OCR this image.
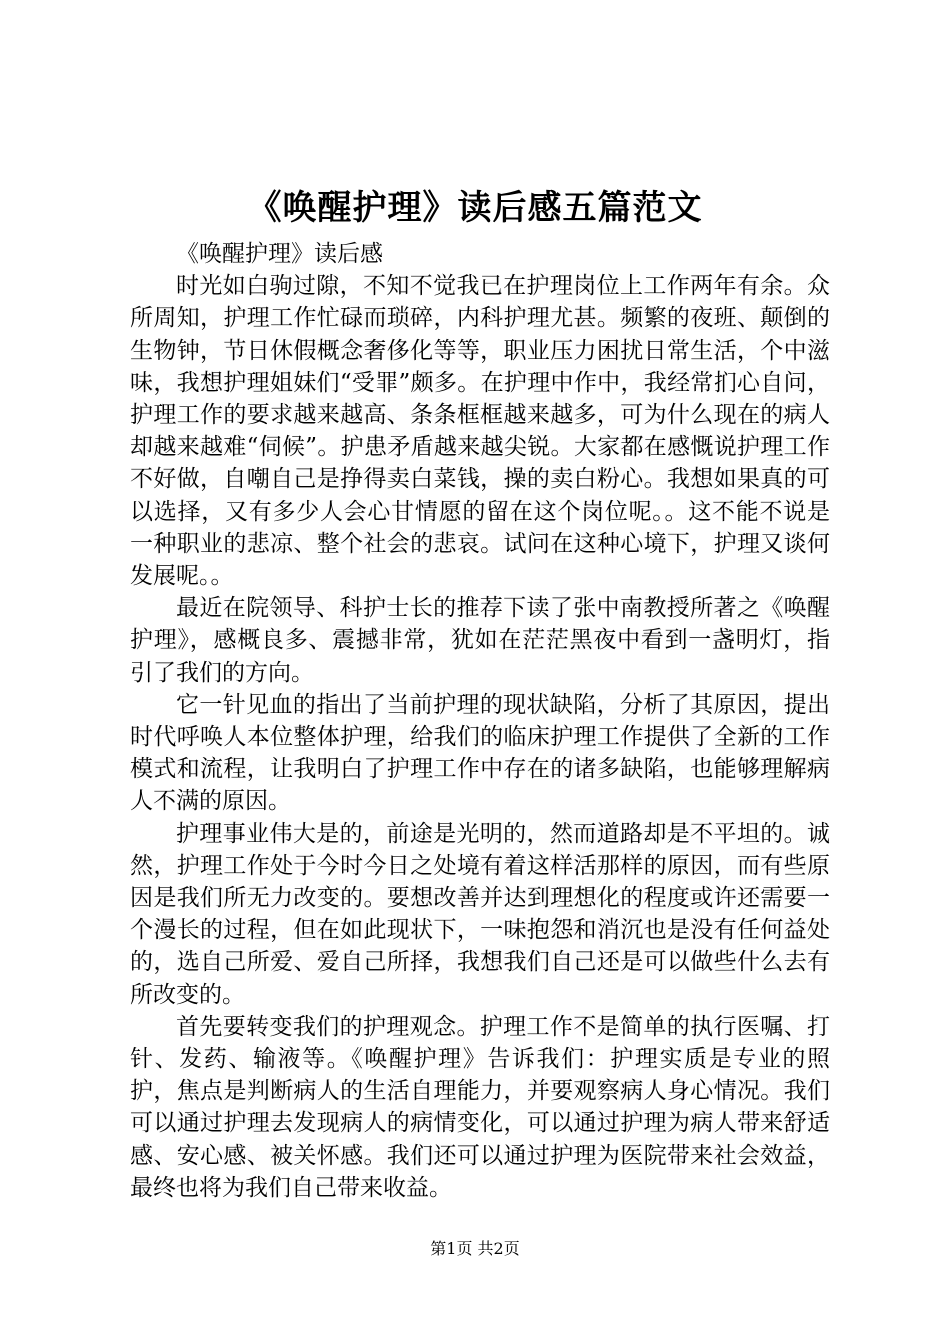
《唤醒护理》读后感五篇范文

《唤醒护理》读后感

时光如白驹过隙，不知不觉我已在护理岗位上工作两年有余。众所周知，护理工作忙碌而琐碎，内科护理尤甚。频繁的夜班、颠倒的生物钟，节日休假概念奢侈化等等，职业压力困扰日常生活，个中滋味，我想护理姐妹们“受罪”颇多。在护理中作中，我经常扪心自问，护理工作的要求越来越高、条条框框越来越多，可为什么现在的病人却越来越难“伺候”。护患矛盾越来越尖锐。大家都在感慨说护理工作不好做，自嘲自己是挣得卖白菜钱，操的卖白粉心。我想如果真的可以选择，又有多少人会心甘情愿的留在这个岗位呢。。这不能不说是一种职业的悲凉、整个社会的悲哀。试问在这种心境下，护理又谈何发展呢。。

最近在院领导、科护士长的推荐下读了张中南教授所著之《唤醒护理》，感概良多、震撼非常，犹如在茫茫黑夜中看到一盏明灯，指引了我们的方向。

它一针见血的指出了当前护理的现状缺陷，分析了其原因，提出时代呼唤人本位整体护理，给我们的临床护理工作提供了全新的工作模式和流程，让我明白了护理工作中存在的诸多缺陷，也能够理解病人不满的原因。

护理事业伟大是的，前途是光明的，然而道路却是不平坦的。诚然，护理工作处于今时今日之处境有着这样活那样的原因，而有些原因是我们所无力改变的。要想改善并达到理想化的程度或许还需要一个漫长的过程，但在如此现状下，一味抱怨和消沉也是没有任何益处的，选自己所爱、爱自己所择，我想我们自己还是可以做些什么去有所改变的。

首先要转变我们的护理观念。护理工作不是简单的执行医嘱、打针、发药、输液等。《唤醒护理》告诉我们：护理实质是专业的照护，焦点是判断病人的生活自理能力，并要观察病人身心情况。我们可以通过护理去发现病人的病情变化，可以通过护理为病人带来舒适感、安心感、被关怀感。我们还可以通过护理为医院带来社会效益，最终也将为我们自己带来收益。

第1页 共2页
